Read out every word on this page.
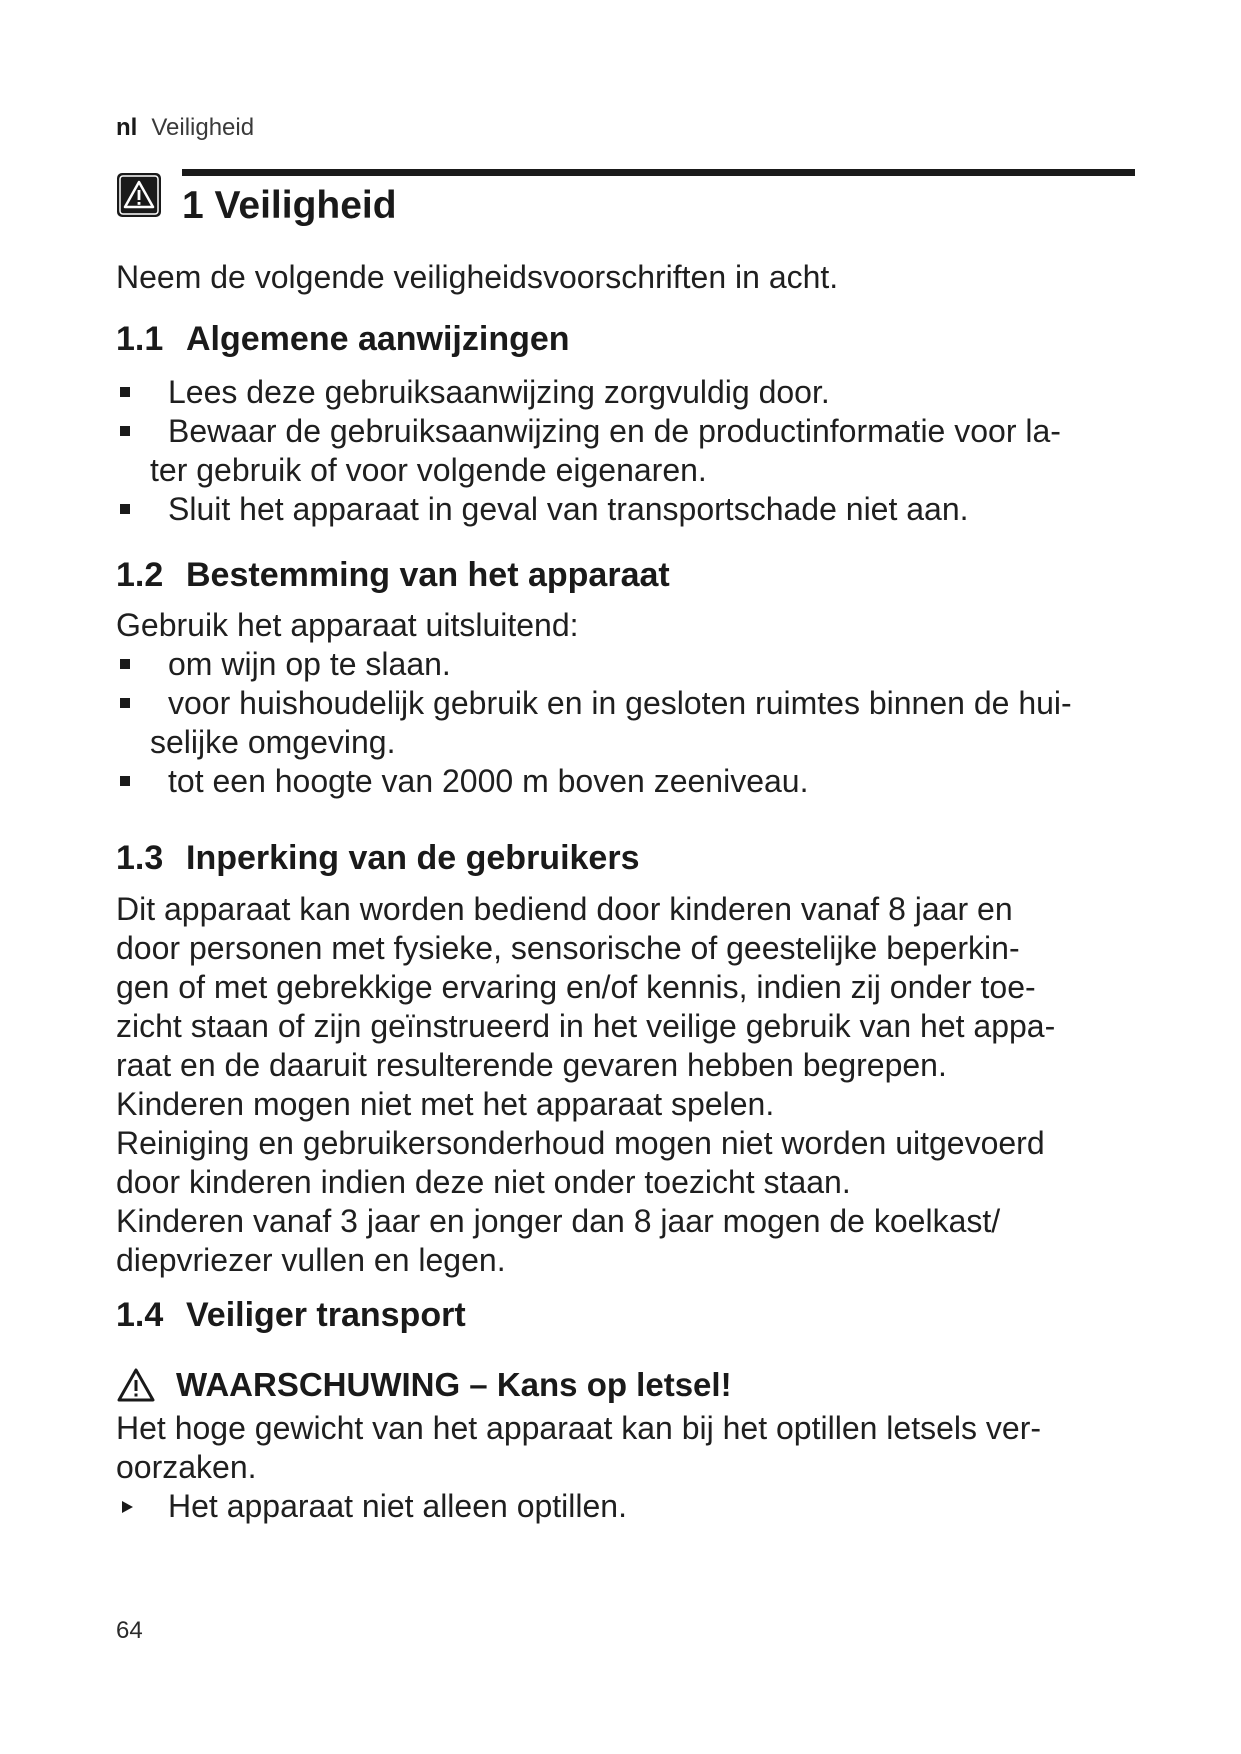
nl Veiligheid
1 Veiligheid

Neem de volgende veiligheidsvoorschriften in acht.

1.1 Algemene aanwijzingen
Lees deze gebruiksaanwijzing zorgvuldig door.
Bewaar de gebruiksaanwijzing en de productinformatie voor la-
ter gebruik of voor volgende eigenaren.
Sluit het apparaat in geval van transportschade niet aan.
1.2 Bestemming van het apparaat

Gebruik het apparaat uitsluitend:

om wijn op te slaan.
voor huishoudelijk gebruik en in gesloten ruimtes binnen de hui-
selijke omgeving.
tot een hoogte van 2000 m boven zeeniveau.
1.3 Inperking van de gebruikers

Dit apparaat kan worden bediend door kinderen vanaf 8 jaar en
door personen met fysieke, sensorische of geestelijke beperkin-
gen of met gebrekkige ervaring en/of kennis, indien zij onder toe-
zicht staan of zijn geïnstrueerd in het veilige gebruik van het appa-
raat en de daaruit resulterende gevaren hebben begrepen.
Kinderen mogen niet met het apparaat spelen.
Reiniging en gebruikersonderhoud mogen niet worden uitgevoerd
door kinderen indien deze niet onder toezicht staan.
Kinderen vanaf 3 jaar en jonger dan 8 jaar mogen de koelkast/
diepvriezer vullen en legen.

1.4 Veiliger transport
WAARSCHUWING – Kans op letsel!

Het hoge gewicht van het apparaat kan bij het optillen letsels ver-
oorzaken.

Het apparaat niet alleen optillen.
64
